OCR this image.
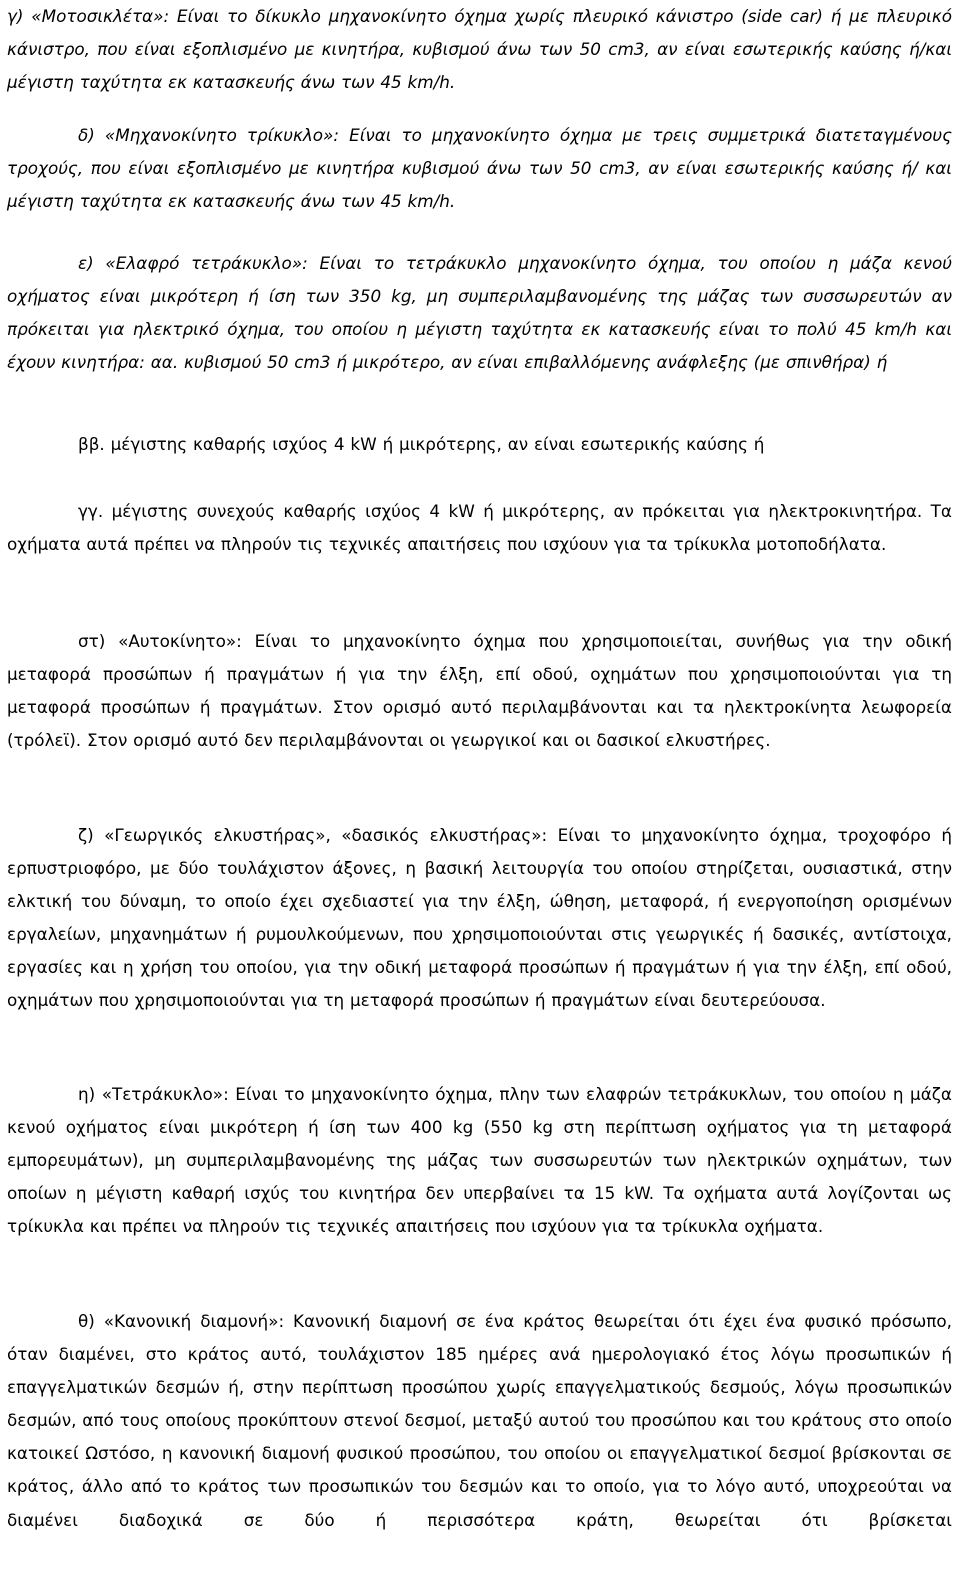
γ) «Μοτοσικλέτα»: Είναι το δίκυκλο μηχανοκίνητο όχημα χωρίς πλευρικό κάνιστρο (side car) ή με πλευρικό κάνιστρο, που είναι εξοπλισμένο με κινητήρα, κυβισμού άνω των 50 cm3, αν είναι εσωτερικής καύσης ή/και μέγιστη ταχύτητα εκ κατασκευής άνω των 45 km/h.

δ) «Μηχανοκίνητο τρίκυκλο»: Είναι το μηχανοκίνητο όχημα με τρεις συμμετρικά διατεταγμένους τροχούς, που είναι εξοπλισμένο με κινητήρα κυβισμού άνω των 50 cm3, αν είναι εσωτερικής καύσης ή/ και μέγιστη ταχύτητα εκ κατασκευής άνω των 45 km/h.

ε) «Ελαφρό τετράκυκλο»: Είναι το τετράκυκλο μηχανοκίνητο όχημα, του οποίου η μάζα κενού οχήματος είναι μικρότερη ή ίση των 350 kg, μη συμπεριλαμβανομένης της μάζας των συσσωρευτών αν πρόκειται για ηλεκτρικό όχημα, του οποίου η μέγιστη ταχύτητα εκ κατασκευής είναι το πολύ 45 km/h και έχουν κινητήρα: αα. κυβισμού 50 cm3 ή μικρότερο, αν είναι επιβαλλόμενης ανάφλεξης (με σπινθήρα) ή

ββ. μέγιστης καθαρής ισχύος 4 kW ή μικρότερης, αν είναι εσωτερικής καύσης ή

γγ. μέγιστης συνεχούς καθαρής ισχύος 4 kW ή μικρότερης, αν πρόκειται για ηλεκτροκινητήρα. Τα οχήματα αυτά πρέπει να πληρούν τις τεχνικές απαιτήσεις που ισχύουν για τα τρίκυκλα μοτοποδήλατα.

στ) «Αυτοκίνητο»: Είναι το μηχανοκίνητο όχημα που χρησιμοποιείται, συνήθως για την οδική μεταφορά προσώπων ή πραγμάτων ή για την έλξη, επί οδού, οχημάτων που χρησιμοποιούνται για τη μεταφορά προσώπων ή πραγμάτων. Στον ορισμό αυτό περιλαμβάνονται και τα ηλεκτροκίνητα λεωφορεία (τρόλεϊ). Στον ορισμό αυτό δεν περιλαμβάνονται οι γεωργικοί και οι δασικοί ελκυστήρες.

ζ) «Γεωργικός ελκυστήρας», «δασικός ελκυστήρας»: Είναι το μηχανοκίνητο όχημα, τροχοφόρο ή ερπυστριοφόρο, με δύο τουλάχιστον άξονες, η βασική λειτουργία του οποίου στηρίζεται, ουσιαστικά, στην ελκτική του δύναμη, το οποίο έχει σχεδιαστεί για την έλξη, ώθηση, μεταφορά, ή ενεργοποίηση ορισμένων εργαλείων, μηχανημάτων ή ρυμουλκούμενων, που χρησιμοποιούνται στις γεωργικές ή δασικές, αντίστοιχα, εργασίες και η χρήση του οποίου, για την οδική μεταφορά προσώπων ή πραγμάτων ή για την έλξη, επί οδού, οχημάτων που χρησιμοποιούνται για τη μεταφορά προσώπων ή πραγμάτων είναι δευτερεύουσα.

η) «Τετράκυκλο»: Είναι το μηχανοκίνητο όχημα, πλην των ελαφρών τετράκυκλων, του οποίου η μάζα κενού οχήματος είναι μικρότερη ή ίση των 400 kg (550 kg στη περίπτωση οχήματος για τη μεταφορά εμπορευμάτων), μη συμπεριλαμβανομένης της μάζας των συσσωρευτών των ηλεκτρικών οχημάτων, των οποίων η μέγιστη καθαρή ισχύς του κινητήρα δεν υπερβαίνει τα 15 kW. Τα οχήματα αυτά λογίζονται ως τρίκυκλα και πρέπει να πληρούν τις τεχνικές απαιτήσεις που ισχύουν για τα τρίκυκλα οχήματα.

θ) «Κανονική διαμονή»: Κανονική διαμονή σε ένα κράτος θεωρείται ότι έχει ένα φυσικό πρόσωπο, όταν διαμένει, στο κράτος αυτό, τουλάχιστον 185 ημέρες ανά ημερολογιακό έτος λόγω προσωπικών ή επαγγελματικών δεσμών ή, στην περίπτωση προσώπου χωρίς επαγγελματικούς δεσμούς, λόγω προσωπικών δεσμών, από τους οποίους προκύπτουν στενοί δεσμοί, μεταξύ αυτού του προσώπου και του κράτους στο οποίο κατοικεί Ωστόσο, η κανονική διαμονή φυσικού προσώπου, του οποίου οι επαγγελματικοί δεσμοί βρίσκονται σε κράτος, άλλο από το κράτος των προσωπικών του δεσμών και το οποίο, για το λόγο αυτό, υποχρεούται να διαμένει διαδοχικά σε δύο ή περισσότερα κράτη, θεωρείται ότι βρίσκεται
